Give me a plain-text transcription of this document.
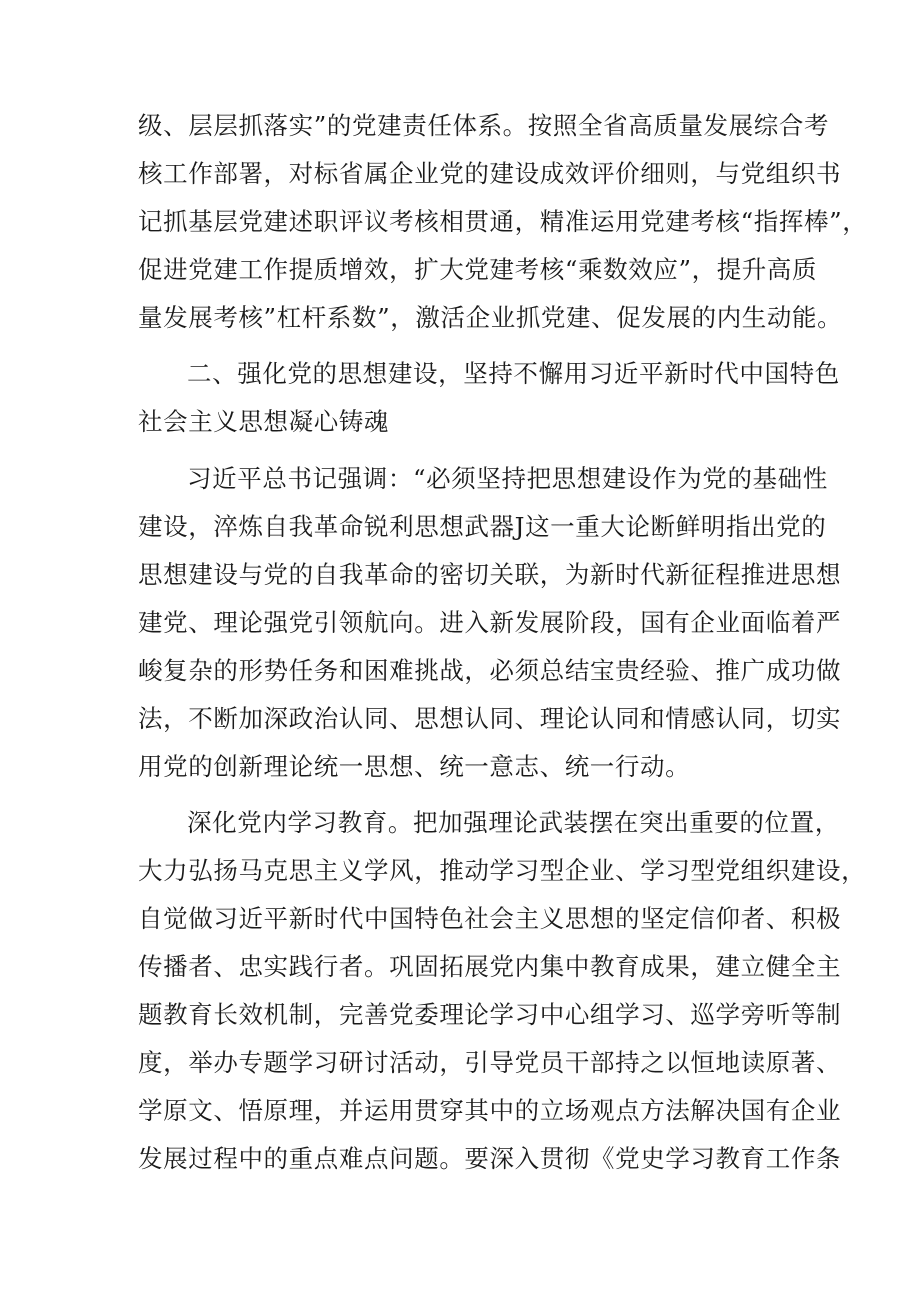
级 、 层 层 抓 落 实 ” 的 党 建 责 任 体 系 。 按 照 全 省 高 质 量 发 展 综 合 考
核 工 作 部 署 ， 对 标 省 属 企 业 党 的 建 设 成 效 评 价 细 则 ， 与 党 组 织 书
记 抓 基 层 党 建 述 职 评 议 考 核 相 贯 通 ， 精 准 运 用 党 建 考 核 “ 指 挥 棒 ” ，
促 进 党 建 工 作 提 质 增 效 ， 扩 大 党 建 考 核 “ 乘 数 效 应 ” ， 提 升 高 质
量 发 展 考 核 ” 杠 杆 系 数 ” ， 激 活 企 业 抓 党 建 、 促 发 展 的 内 生 动 能 。
二 、 强 化 党 的 思 想 建 设 ， 坚 持 不 懈 用 习 近 平 新 时 代 中 国 特 色
社会主义思想凝心铸魂
习 近 平 总 书 记 强 调 ： “ 必 须 坚 持 把 思 想 建 设 作 为 党 的 基 础 性
建 设 ， 淬 炼 自 我 革 命 锐 利 思 想 武 器 J 这 一 重 大 论 断 鲜 明 指 出 党 的
思 想 建 设 与 党 的 自 我 革 命 的 密 切 关 联 ， 为 新 时 代 新 征 程 推 进 思 想
建 党 、 理 论 强 党 引 领 航 向 。 进 入 新 发 展 阶 段 ， 国 有 企 业 面 临 着 严
峻 复 杂 的 形 势 任 务 和 困 难 挑 战 ， 必 须 总 结 宝 贵 经 验 、 推 广 成 功 做
法 ， 不 断 加 深 政 治 认 同 、 思 想 认 同 、 理 论 认 同 和 情 感 认 同 ， 切 实
用党的创新理论统一思想、统一意志、统一行动。
深 化 党 内 学 习 教 育 。 把 加 强 理 论 武 装 摆 在 突 出 重 要 的 位 置 ，
大 力 弘 扬 马 克 思 主 义 学 风 ， 推 动 学 习 型 企 业 、 学 习 型 党 组 织 建 设 ，
自 觉 做 习 近 平 新 时 代 中 国 特 色 社 会 主 义 思 想 的 坚 定 信 仰 者 、 积 极
传 播 者 、 忠 实 践 行 者 。 巩 固 拓 展 党 内 集 中 教 育 成 果 ， 建 立 健 全 主
题 教 育 长 效 机 制 ， 完 善 党 委 理 论 学 习 中 心 组 学 习 、 巡 学 旁 听 等 制
度 ， 举 办 专 题 学 习 研 讨 活 动 ， 引 导 党 员 干 部 持 之 以 恒 地 读 原 著 、
学 原 文 、 悟 原 理 ， 并 运 用 贯 穿 其 中 的 立 场 观 点 方 法 解 决 国 有 企 业
发 展 过 程 中 的 重 点 难 点 问 题 。 要 深 入 贯 彻 《 党 史 学 习 教 育 工 作 条
